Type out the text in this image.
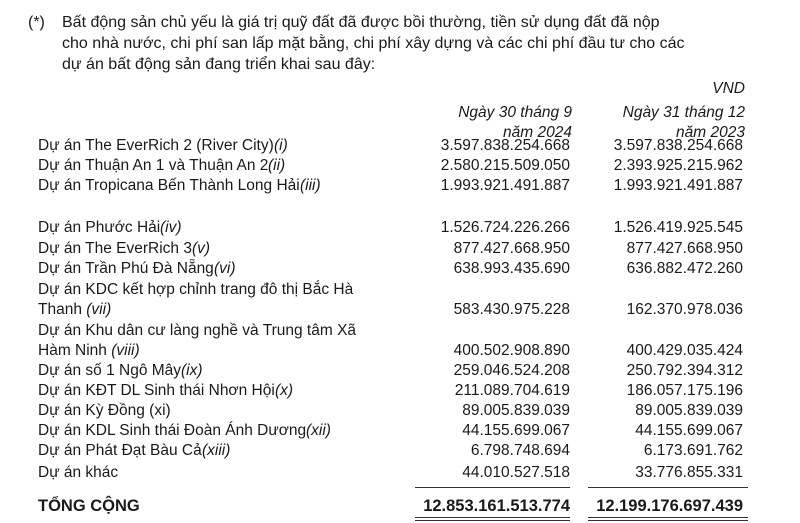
(*) Bất động sản chủ yếu là giá trị quỹ đất đã được bồi thường, tiền sử dụng đất đã nộp
cho nhà nước, chi phí san lấp mặt bằng, chi phí xây dựng và các chi phí đầu tư cho các
dự án bất động sản đang triển khai sau đây:
VND
Ngày 30 tháng 9
năm 2024
Ngày 31 tháng 12
năm 2023
Dự án The EverRich 2 (River City) (i)	3.597.838.254.668	3.597.838.254.668
Dự án Thuận An 1 và Thuận An 2 (ii)	2.580.215.509.050	2.393.925.215.962
Dự án Tropicana Bến Thành Long Hải (iii)	1.993.921.491.887	1.993.921.491.887
Dự án Phước Hải (iv)	1.526.724.226.266	1.526.419.925.545
Dự án The EverRich 3 (v)	877.427.668.950	877.427.668.950
Dự án Trần Phú Đà Nẵng (vi)	638.993.435.690	636.882.472.260
Dự án KDC kết hợp chỉnh trang đô thị Bắc Hà
Thanh (vii)	583.430.975.228	162.370.978.036
Dự án Khu dân cư làng nghề và Trung tâm Xã
Hàm Ninh (viii)	400.502.908.890	400.429.035.424
Dự án số 1 Ngô Mây (ix)	259.046.524.208	250.792.394.312
Dự án KĐT DL Sinh thái Nhơn Hội (x)	211.089.704.619	186.057.175.196
Dự án Kỳ Đồng (xi)	89.005.839.039	89.005.839.039
Dự án KDL Sinh thái Đoàn Ánh Dương (xii)	44.155.699.067	44.155.699.067
Dự án Phát Đạt Bàu Cả (xiii)	6.798.748.694	6.173.691.762
Dự án khác	44.010.527.518	33.776.855.331
TỔNG CỘNG	12.853.161.513.774 12.199.176.697.439
